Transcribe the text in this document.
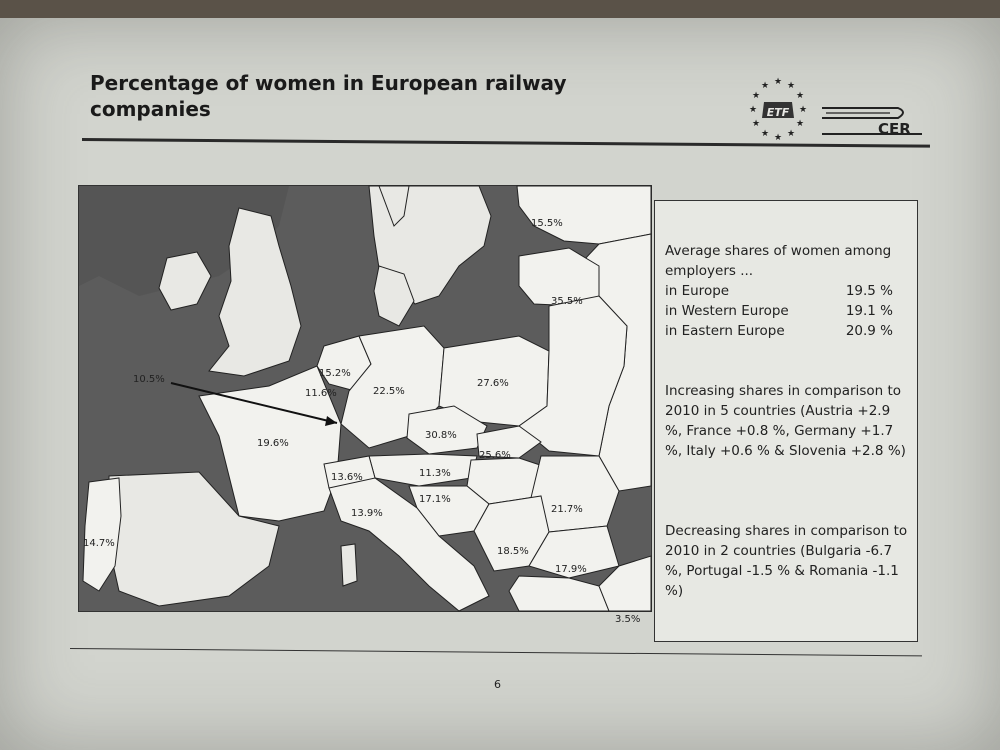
Percentage of women in European railway companies
★ ★
★
★
★
★
★
★
★
★
★
★
ETF
CER
15.5%
35.5%
15.2%
11.6%
10.5%
22.5%
27.6%
19.6%
30.8%
25.6%
11.3%
13.6%
17.1%
13.9%	21.7%
18.5%
17.9%
14.7%
3.5%
Average shares of women among employers ...
in Europe	19.5 %
in Western Europe	19.1 %
in Eastern Europe	20.9 %
Increasing shares in comparison to 2010 in 5 countries (Austria +2.9 %, France +0.8 %, Germany +1.7 %, Italy +0.6 % & Slovenia +2.8 %)
Decreasing shares in comparison to 2010 in 2 countries (Bulgaria -6.7 %, Portugal -1.5 % & Romania -1.1 %)
6
